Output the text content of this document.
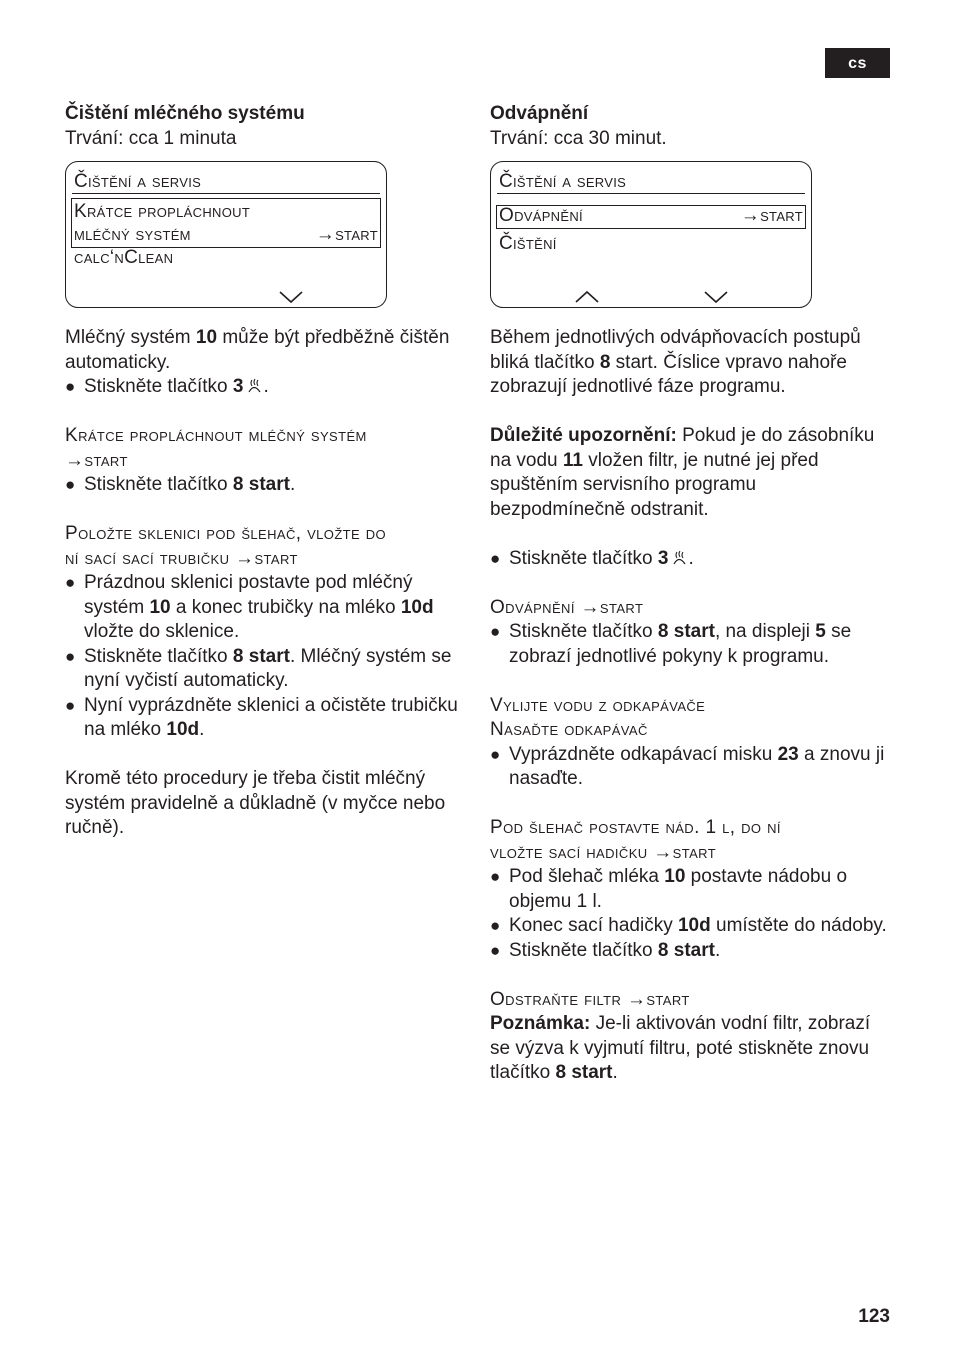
cs

Čištění mléčného systému

Trvání: cca 1 minuta

Čištění a servis
Krátce propláchnout
mléčný systém	→start
calc‘nClean

Mléčný systém 10 může být předběžně čištěn automaticky.

● Stiskněte tlačítko 3 .

Krátce propláchnout mléčný systém

→start

● Stiskněte tlačítko 8 start.

Položte sklenici pod šlehač, vložte do

ní sací sací trubičku →start

● Prázdnou sklenici postavte pod mléčný systém 10 a konec trubičky na mléko 10d vložte do sklenice.

● Stiskněte tlačítko 8 start. Mléčný systém se nyní vyčistí automaticky.

● Nyní vyprázdněte sklenici a očistěte trubičku na mléko 10d.

Kromě této procedury je třeba čistit mléčný systém pravidelně a důkladně (v myčce nebo ručně).

Odvápnění

Trvání: cca 30 minut.

Čištění a servis
Odvápnění	→start
Čištění

Během jednotlivých odvápňovacích postupů bliká tlačítko 8 start. Číslice vpravo nahoře zobrazují jednotlivé fáze programu.

Důležité upozornění: Pokud je do zásobníku na vodu 11 vložen filtr, je nutné jej před spuštěním servisního programu bezpodmínečně odstranit.

● Stiskněte tlačítko 3 .

Odvápnění →start

● Stiskněte tlačítko 8 start, na displeji 5 se zobrazí jednotlivé pokyny k programu.

Vylijte vodu z odkapávače

Nasaďte odkapávač

● Vyprázdněte odkapávací misku 23 a znovu ji nasaďte.

Pod šlehač postavte nád. 1 l, do ní

vložte sací hadičku →start

● Pod šlehač mléka 10 postavte nádobu o objemu 1 l.

● Konec sací hadičky 10d umístěte do nádoby.

● Stiskněte tlačítko 8 start.

Odstraňte filtr →start

Poznámka: Je-li aktivován vodní filtr, zobrazí se výzva k vyjmutí filtru, poté stiskněte znovu tlačítko 8 start.

123
